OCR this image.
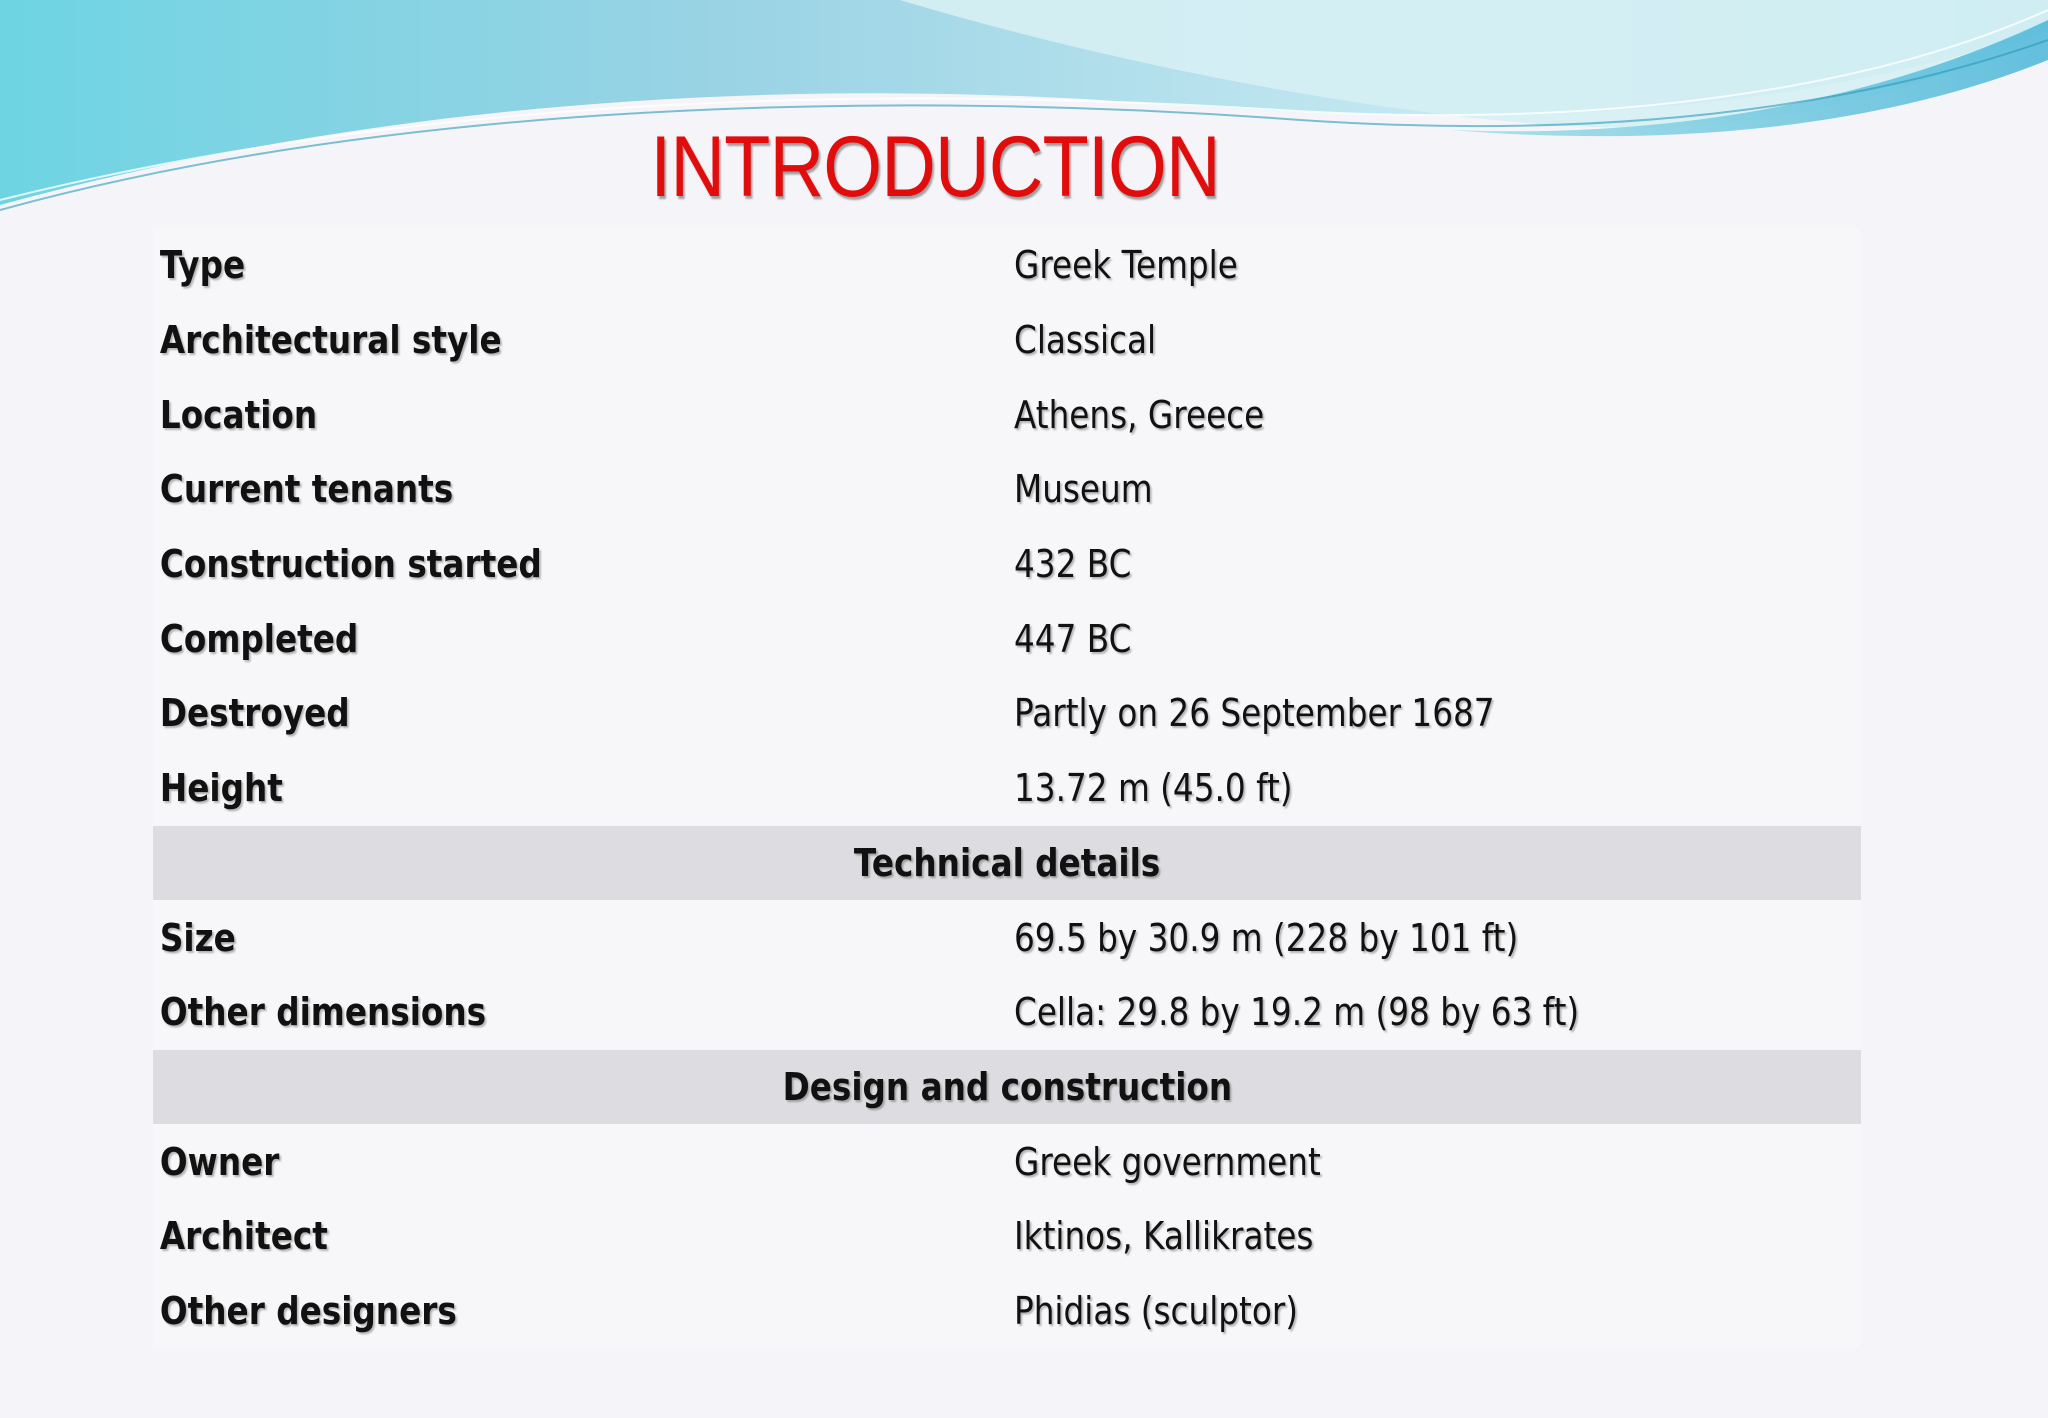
INTRODUCTION
Type	Greek Temple
Architectural style	Classical
Location	Athens, Greece
Current tenants	Museum
Construction started	432 BC
Completed	447 BC
Destroyed	Partly on 26 September 1687
Height	13.72 m (45.0 ft)
Technical details
Size	69.5 by 30.9 m (228 by 101 ft)
Other dimensions	Cella: 29.8 by 19.2 m (98 by 63 ft)
Design and construction
Owner	Greek government
Architect	Iktinos, Kallikrates
Other designers	Phidias (sculptor)
